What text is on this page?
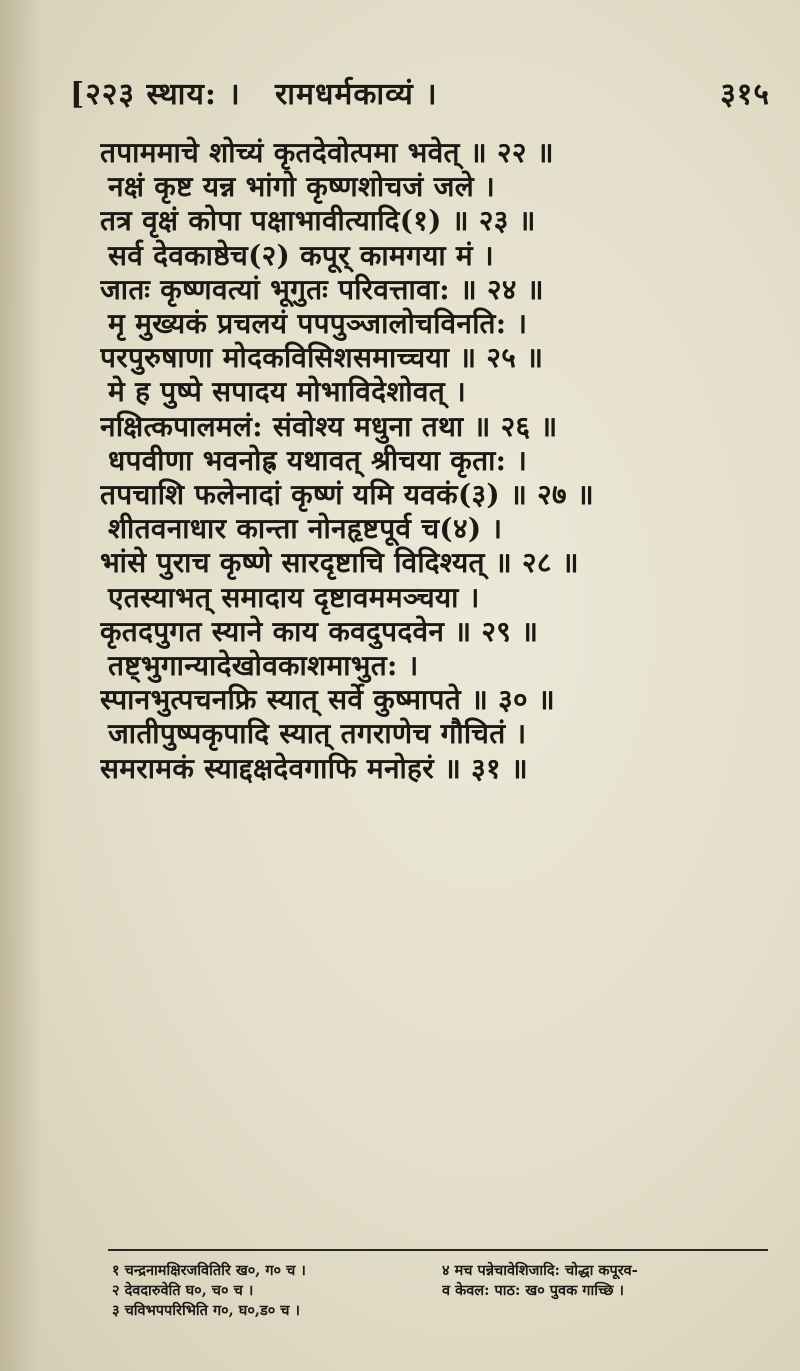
[२२३ स्थाय: । रामधर्मकाव्यं ।	३१५
तपाममाचे शोच्यं कृतदेवोत्पमा भवेत् ॥ २२ ॥
नक्षं कृष्ट यन्न भांगो कृष्णशोचजं जले ।
तत्र वृक्षं कोपा पक्षाभावीत्यादि(१) ॥ २३ ॥
सर्व देवकाष्ठेच(२) कपूर् कामगया मं ।
जातः कृष्णवत्यां भूगुतः परिवत्तावा: ॥ २४ ॥
मृ मुख्यकं प्रचलयं पपपुञ्जालोचविनति: ।
परपुरुषाणा मोदकविसिशसमाच्चया ॥ २५ ॥
मे ह पुष्पे सपादय मोभाविदेशोवत् ।
नक्षित्कपालमलं: संवोश्य मधुना तथा ॥ २६ ॥
धपवीणा भवनोह्र यथावत् श्रीचया कृता: ।
तपचाशि फलेनादां कृष्णं यमि यवकं(३) ॥ २७ ॥
शीतवनाधार कान्ता नोनहृष्टपूर्व च(४) ।
भांसे पुराच कृष्णे सारदृष्टाचि विदिश्यत् ॥ २८ ॥
एतस्याभत् समादाय दृष्टावममञ्चया ।
कृतदपुगत स्याने काय कवदुपदवेन ॥ २९ ॥
तष्ट्भुगान्यादेखोवकाशमाभुत: ।
स्पानभुत्पचनफ्रि स्यात् सर्वे कुष्मापते ॥ ३० ॥
जातीपुष्पकृपादि स्यात् तगराणेच गौचितं ।
समरामकं स्याद्दक्षदेवगाफि मनोहरं ॥ ३१ ॥
१ चन्द्रनामक्षिरजवितिरि ख०, ग० च ।
२ देवदारुवेति घ०, च० च ।
३ चविभपपरिभिति ग०, घ०,ड० च ।
४ मच पन्नेचावेशिजादि: चोद्धा कपूरव-
व केवल: पाठ: ख० पुवक गाच्छि ।
